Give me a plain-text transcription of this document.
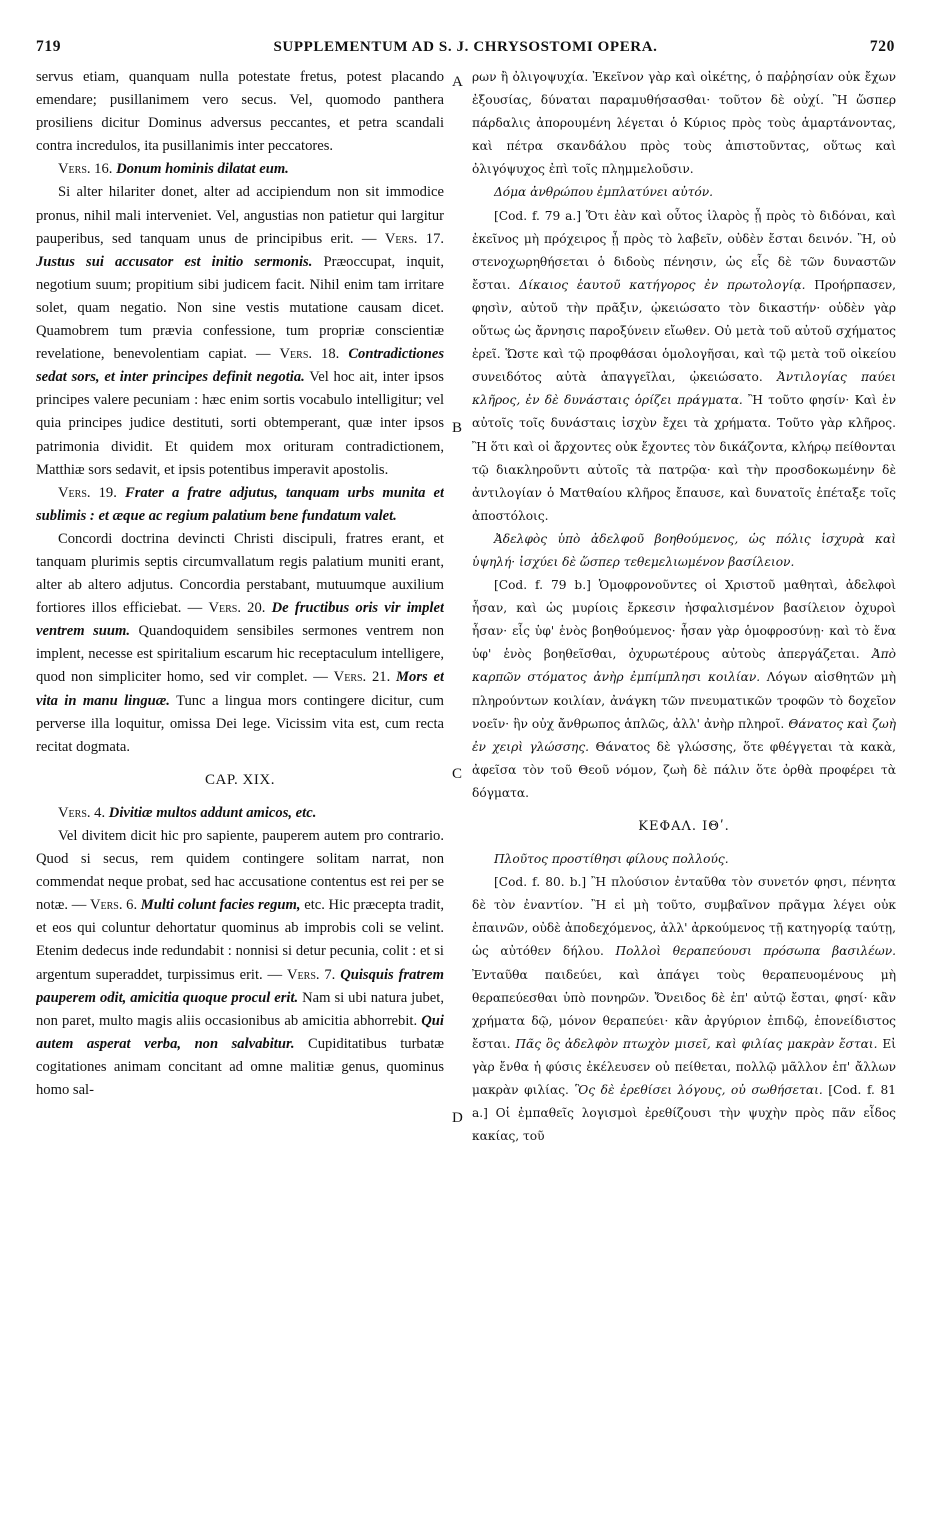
719	SUPPLEMENTUM AD S. J. CHRYSOSTOMI OPERA.	720
A
B
C
D

servus etiam, quanquam nulla potestate fretus, potest placando emendare; pusillanimem vero secus. Vel, quomodo panthera prosiliens dicitur Dominus adversus peccantes, et petra scandali contra incredulos, ita pusillanimis inter peccatores.

Vers. 16. Donum hominis dilatat eum.

Si alter hilariter donet, alter ad accipiendum non sit immodice pronus, nihil mali interveniet. Vel, angustias non patietur qui largitur pauperibus, sed tanquam unus de principibus erit. — Vers. 17. Justus sui accusator est initio sermonis. Præoccupat, inquit, negotium suum; propitium sibi judicem facit. Nihil enim tam irritare solet, quam negatio. Non sine vestis mutatione causam dicet. Quamobrem tum prævia confessione, tum propriæ conscientiæ revelatione, benevolentiam capiat. — Vers. 18. Contradictiones sedat sors, et inter principes definit negotia. Vel hoc ait, inter ipsos principes valere pecuniam : hæc enim sortis vocabulo intelligitur; vel quia principes judice destituti, sorti obtemperant, quæ inter ipsos patrimonia dividit. Et quidem mox orituram contradictionem, Matthiæ sors sedavit, et ipsis potentibus imperavit apostolis.

Vers. 19. Frater a fratre adjutus, tanquam urbs munita et sublimis : et æque ac regium palatium bene fundatum valet.

Concordi doctrina devincti Christi discipuli, fratres erant, et tanquam plurimis septis circumvallatum regis palatium muniti erant, alter ab altero adjutus. Concordia perstabant, mutuumque auxilium fortiores illos efficiebat. — Vers. 20. De fructibus oris vir implet ventrem suum. Quandoquidem sensibiles sermones ventrem non implent, necesse est spiritalium escarum hic receptaculum intelligere, quod non simpliciter homo, sed vir complet. — Vers. 21. Mors et vita in manu linguæ. Tunc a lingua mors contingere dicitur, cum perverse illa loquitur, omissa Dei lege. Vicissim vita est, cum recta recitat dogmata.

CAP. XIX.

Vers. 4. Divitiæ multos addunt amicos, etc.

Vel divitem dicit hic pro sapiente, pauperem autem pro contrario. Quod si secus, rem quidem contingere solitam narrat, non commendat neque probat, sed hac accusatione contentus est rei per se notæ. — Vers. 6. Multi colunt facies regum, etc. Hic præcepta tradit, et eos qui coluntur dehortatur quominus ab improbis coli se velint. Etenim dedecus inde redundabit : nonnisi si detur pecunia, colit : et si argentum superaddet, turpissimus erit. — Vers. 7. Quisquis fratrem pauperem odit, amicitia quoque procul erit. Nam si ubi natura jubet, non paret, multo magis aliis occasionibus ab amicitia abhorrebit. Qui autem asperat verba, non salvabitur. Cupiditatibus turbatæ cogitationes animam concitant ad omne malitiæ genus, quominus homo sal-

ρων ἢ ὀλιγοψυχία. Ἐκεῖνον γὰρ καὶ οἰκέτης, ὁ παῤῥησίαν οὐκ ἔχων ἐξουσίας, δύναται παραμυθήσασθαι· τοῦτον δὲ οὐχί. Ἢ ὥσπερ πάρδαλις ἀπορουμένη λέγεται ὁ Κύριος πρὸς τοὺς ἁμαρτάνοντας, καὶ πέτρα σκανδάλου πρὸς τοὺς ἀπιστοῦντας, οὕτως καὶ ὀλιγόψυχος ἐπὶ τοῖς πλημμελοῦσιν.

Δόμα ἀνθρώπου ἐμπλατύνει αὐτόν.

[Cod. f. 79 a.] Ὅτι ἐὰν καὶ οὗτος ἱλαρὸς ᾖ πρὸς τὸ διδόναι, καὶ ἐκεῖνος μὴ πρόχειρος ᾖ πρὸς τὸ λαβεῖν, οὐδὲν ἔσται δεινόν. Ἢ, οὐ στενοχωρηθήσεται ὁ διδοὺς πένησιν, ὡς εἷς δὲ τῶν δυναστῶν ἔσται. Δίκαιος ἑαυτοῦ κατήγορος ἐν πρωτολογίᾳ. Προήρπασεν, φησὶν, αὐτοῦ τὴν πρᾶξιν, ᾠκειώσατο τὸν δικαστήν· οὐδὲν γὰρ οὕτως ὡς ἄρνησις παροξύνειν εἴωθεν. Οὐ μετὰ τοῦ αὐτοῦ σχήματος ἐρεῖ. Ὥστε καὶ τῷ προφθάσαι ὁμολογῆσαι, καὶ τῷ μετὰ τοῦ οἰκείου συνειδότος αὐτὰ ἀπαγγεῖλαι, ᾠκειώσατο. Ἀντιλογίας παύει κλῆρος, ἐν δὲ δυνάσταις ὁρίζει πράγματα. Ἢ τοῦτο φησίν· Καὶ ἐν αὐτοῖς τοῖς δυνάσταις ἰσχὺν ἔχει τὰ χρήματα. Τοῦτο γὰρ κλῆρος. Ἢ ὅτι καὶ οἱ ἄρχοντες οὐκ ἔχοντες τὸν δικάζοντα, κλήρῳ πείθονται τῷ διακληροῦντι αὐτοῖς τὰ πατρῷα· καὶ τὴν προσδοκωμένην δὲ ἀντιλογίαν ὁ Ματθαίου κλῆρος ἔπαυσε, καὶ δυνατοῖς ἐπέταξε τοῖς ἀποστόλοις.

Ἀδελφὸς ὑπὸ ἀδελφοῦ βοηθούμενος, ὡς πόλις ἰσχυρὰ καὶ ὑψηλή· ἰσχύει δὲ ὥσπερ τεθεμελιωμένον βασίλειον.

[Cod. f. 79 b.] Ὁμοφρονοῦντες οἱ Χριστοῦ μαθηταὶ, ἀδελφοὶ ἦσαν, καὶ ὡς μυρίοις ἔρκεσιν ἠσφαλισμένον βασίλειον ὀχυροὶ ἦσαν· εἷς ὑφ' ἑνὸς βοηθούμενος· ἦσαν γὰρ ὁμοφροσύνῃ· καὶ τὸ ἕνα ὑφ' ἑνὸς βοηθεῖσθαι, ὀχυρωτέρους αὐτοὺς ἀπεργάζεται. Ἀπὸ καρπῶν στόματος ἀνὴρ ἐμπίμπλησι κοιλίαν. Λόγων αἰσθητῶν μὴ πληρούντων κοιλίαν, ἀνάγκη τῶν πνευματικῶν τροφῶν τὸ δοχεῖον νοεῖν· ἣν οὐχ ἄνθρωπος ἁπλῶς, ἀλλ' ἀνὴρ πληροῖ. Θάνατος καὶ ζωὴ ἐν χειρὶ γλώσσης. Θάνατος δὲ γλώσσης, ὅτε φθέγγεται τὰ κακὰ, ἀφεῖσα τὸν τοῦ Θεοῦ νόμον, ζωὴ δὲ πάλιν ὅτε ὀρθὰ προφέρει τὰ δόγματα.

ΚΕΦΑΛ. ΙΘʹ.

Πλοῦτος προστίθησι φίλους πολλούς.

[Cod. f. 80. b.] Ἢ πλούσιον ἐνταῦθα τὸν συνετόν φησι, πένητα δὲ τὸν ἐναντίον. Ἢ εἰ μὴ τοῦτο, συμβαῖνον πρᾶγμα λέγει οὐκ ἐπαινῶν, οὐδὲ ἀποδεχόμενος, ἀλλ' ἀρκούμενος τῇ κατηγορίᾳ ταύτῃ, ὡς αὐτόθεν δήλου. Πολλοὶ θεραπεύουσι πρόσωπα βασιλέων. Ἐνταῦθα παιδεύει, καὶ ἀπάγει τοὺς θεραπευομένους μὴ θεραπεύεσθαι ὑπὸ πονηρῶν. Ὄνειδος δὲ ἐπ' αὐτῷ ἔσται, φησί· κἂν χρήματα δῷ, μόνον θεραπεύει· κἂν ἀργύριον ἐπιδῷ, ἐπονείδιστος ἔσται. Πᾶς ὃς ἀδελφὸν πτωχὸν μισεῖ, καὶ φιλίας μακρὰν ἔσται. Εἰ γὰρ ἔνθα ἡ φύσις ἐκέλευσεν οὐ πείθεται, πολλῷ μᾶλλον ἐπ' ἄλλων μακρὰν φιλίας. Ὃς δὲ ἐρεθίσει λόγους, οὐ σωθήσεται. [Cod. f. 81 a.] Οἱ ἐμπαθεῖς λογισμοὶ ἐρεθίζουσι τὴν ψυχὴν πρὸς πᾶν εἶδος κακίας, τοῦ
